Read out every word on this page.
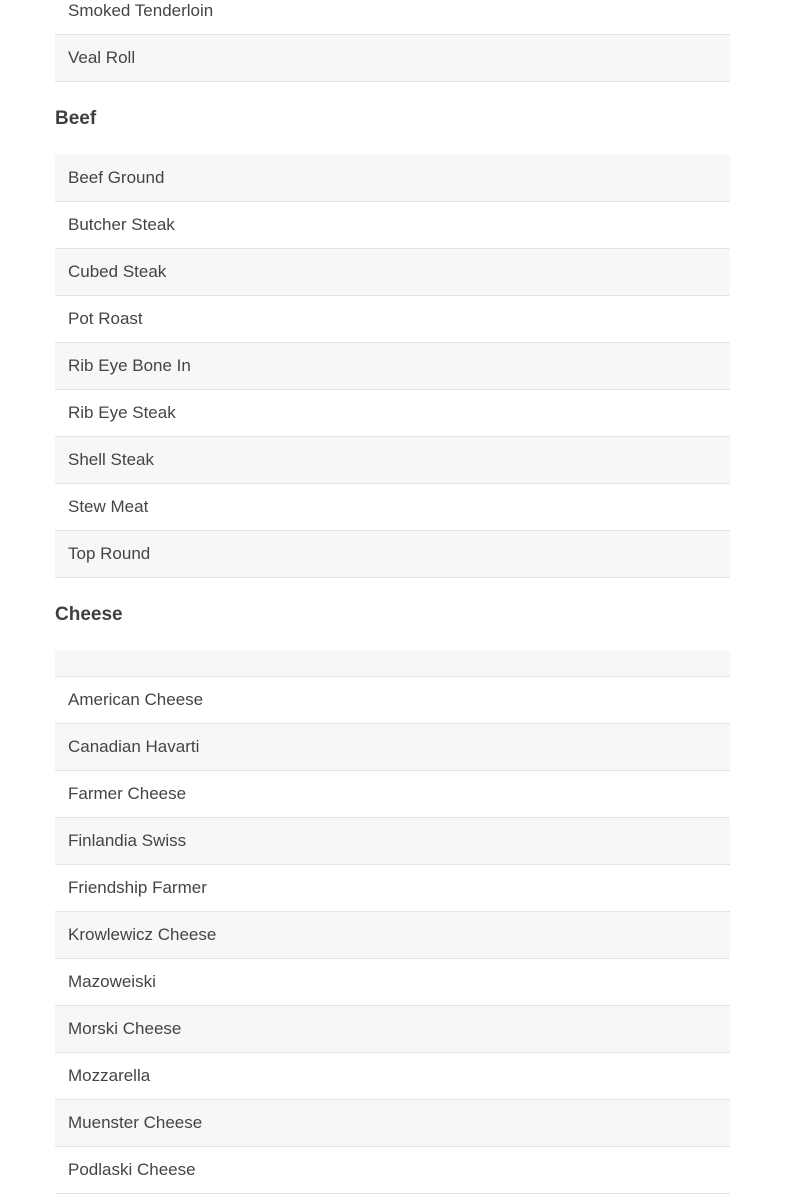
Smoked Tenderloin
Veal Roll
Beef
Beef Ground
Butcher Steak
Cubed Steak
Pot Roast
Rib Eye Bone In
Rib Eye Steak
Shell Steak
Stew Meat
Top Round
Cheese
American Cheese
Canadian Havarti
Farmer Cheese
Finlandia Swiss
Friendship Farmer
Krowlewicz Cheese
Mazoweiski
Morski Cheese
Mozzarella
Muenster Cheese
Podlaski Cheese
